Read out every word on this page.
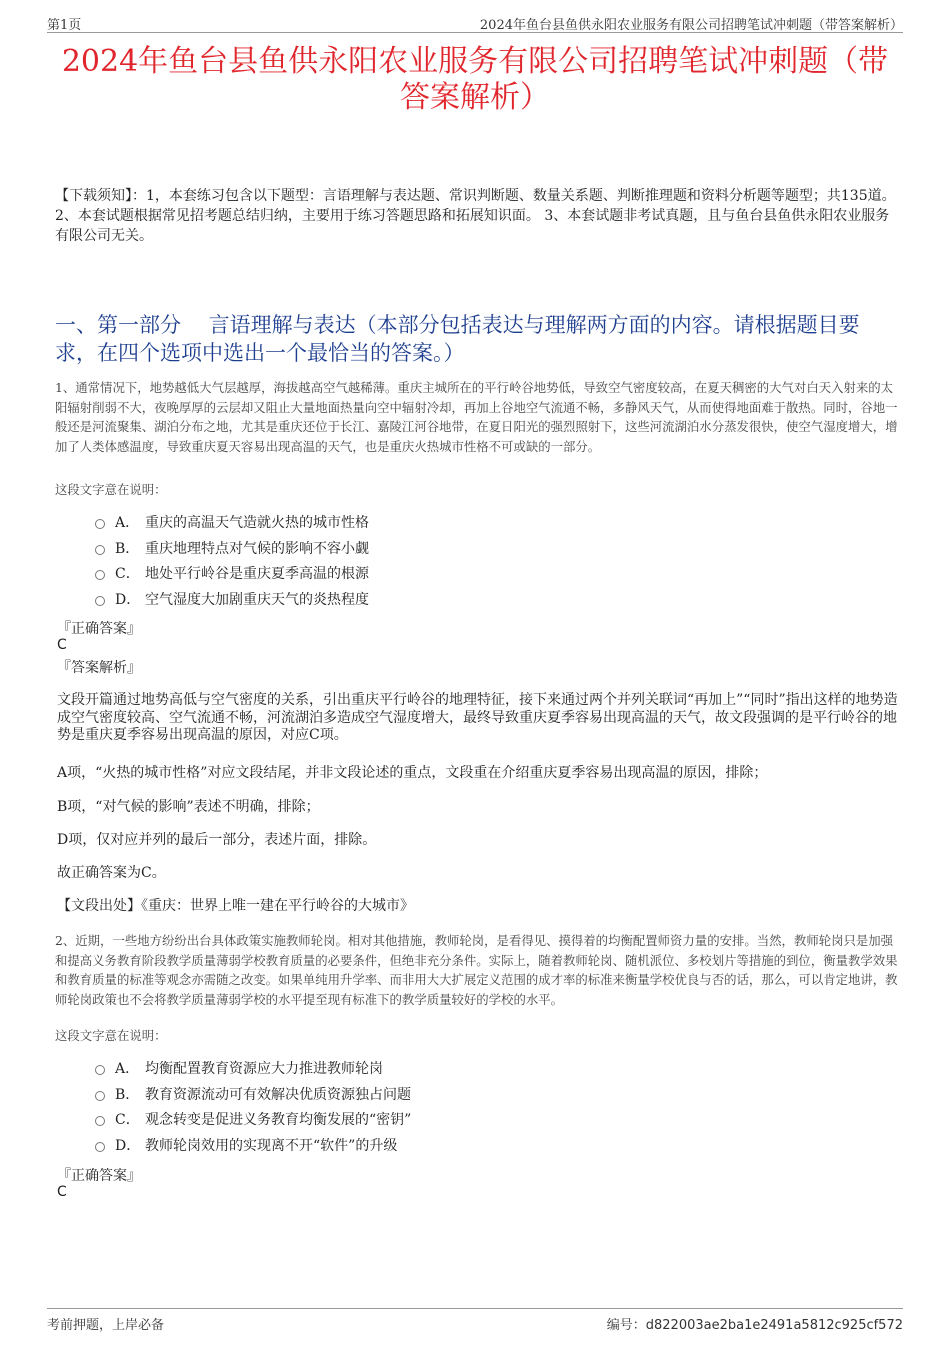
第1页	2024年鱼台县鱼供永阳农业服务有限公司招聘笔试冲刺题（带答案解析）
2024年鱼台县鱼供永阳农业服务有限公司招聘笔试冲刺题（带答案解析）

【下载须知】：1，本套练习包含以下题型：言语理解与表达题、常识判断题、数量关系题、判断推理题和资料分析题等题型；共135道。 2、本套试题根据常见招考题总结归纳，主要用于练习答题思路和拓展知识面。 3、本套试题非考试真题，且与鱼台县鱼供永阳农业服务有限公司无关。

一、第一部分　 言语理解与表达（本部分包括表达与理解两方面的内容。请根据题目要求，在四个选项中选出一个最恰当的答案。）

1、通常情况下，地势越低大气层越厚，海拔越高空气越稀薄。重庆主城所在的平行岭谷地势低，导致空气密度较高，在夏天稠密的大气对白天入射来的太阳辐射削弱不大，夜晚厚厚的云层却又阻止大量地面热量向空中辐射冷却，再加上谷地空气流通不畅，多静风天气，从而使得地面难于散热。同时，谷地一般还是河流聚集、湖泊分布之地，尤其是重庆还位于长江、嘉陵江河谷地带，在夏日阳光的强烈照射下，这些河流湖泊水分蒸发很快，使空气湿度增大，增加了人类体感温度，导致重庆夏天容易出现高温的天气，也是重庆火热城市性格不可或缺的一部分。

这段文字意在说明：

A． 重庆的高温天气造就火热的城市性格
B． 重庆地理特点对气候的影响不容小觑
C． 地处平行岭谷是重庆夏季高温的根源
D． 空气湿度大加剧重庆天气的炎热程度

『正确答案』

C

『答案解析』

文段开篇通过地势高低与空气密度的关系，引出重庆平行岭谷的地理特征，接下来通过两个并列关联词“再加上”“同时”指出这样的地势造成空气密度较高、空气流通不畅，河流湖泊多造成空气湿度增大，最终导致重庆夏季容易出现高温的天气，故文段强调的是平行岭谷的地势是重庆夏季容易出现高温的原因，对应C项。

A项，“火热的城市性格”对应文段结尾，并非文段论述的重点，文段重在介绍重庆夏季容易出现高温的原因，排除；

B项，“对气候的影响”表述不明确，排除；

D项，仅对应并列的最后一部分，表述片面，排除。

故正确答案为C。

【文段出处】《重庆：世界上唯一建在平行岭谷的大城市》

2、近期，一些地方纷纷出台具体政策实施教师轮岗。相对其他措施，教师轮岗，是看得见、摸得着的均衡配置师资力量的安排。当然，教师轮岗只是加强和提高义务教育阶段教学质量薄弱学校教育质量的必要条件，但绝非充分条件。实际上，随着教师轮岗、随机派位、多校划片等措施的到位，衡量教学效果和教育质量的标准等观念亦需随之改变。如果单纯用升学率、而非用大大扩展定义范围的成才率的标准来衡量学校优良与否的话，那么，可以肯定地讲，教师轮岗政策也不会将教学质量薄弱学校的水平提至现有标准下的教学质量较好的学校的水平。

这段文字意在说明：

A． 均衡配置教育资源应大力推进教师轮岗
B． 教育资源流动可有效解决优质资源独占问题
C． 观念转变是促进义务教育均衡发展的“密钥”
D． 教师轮岗效用的实现离不开“软件”的升级

『正确答案』

C

考前押题，上岸必备	编号：d822003ae2ba1e2491a5812c925cf572
